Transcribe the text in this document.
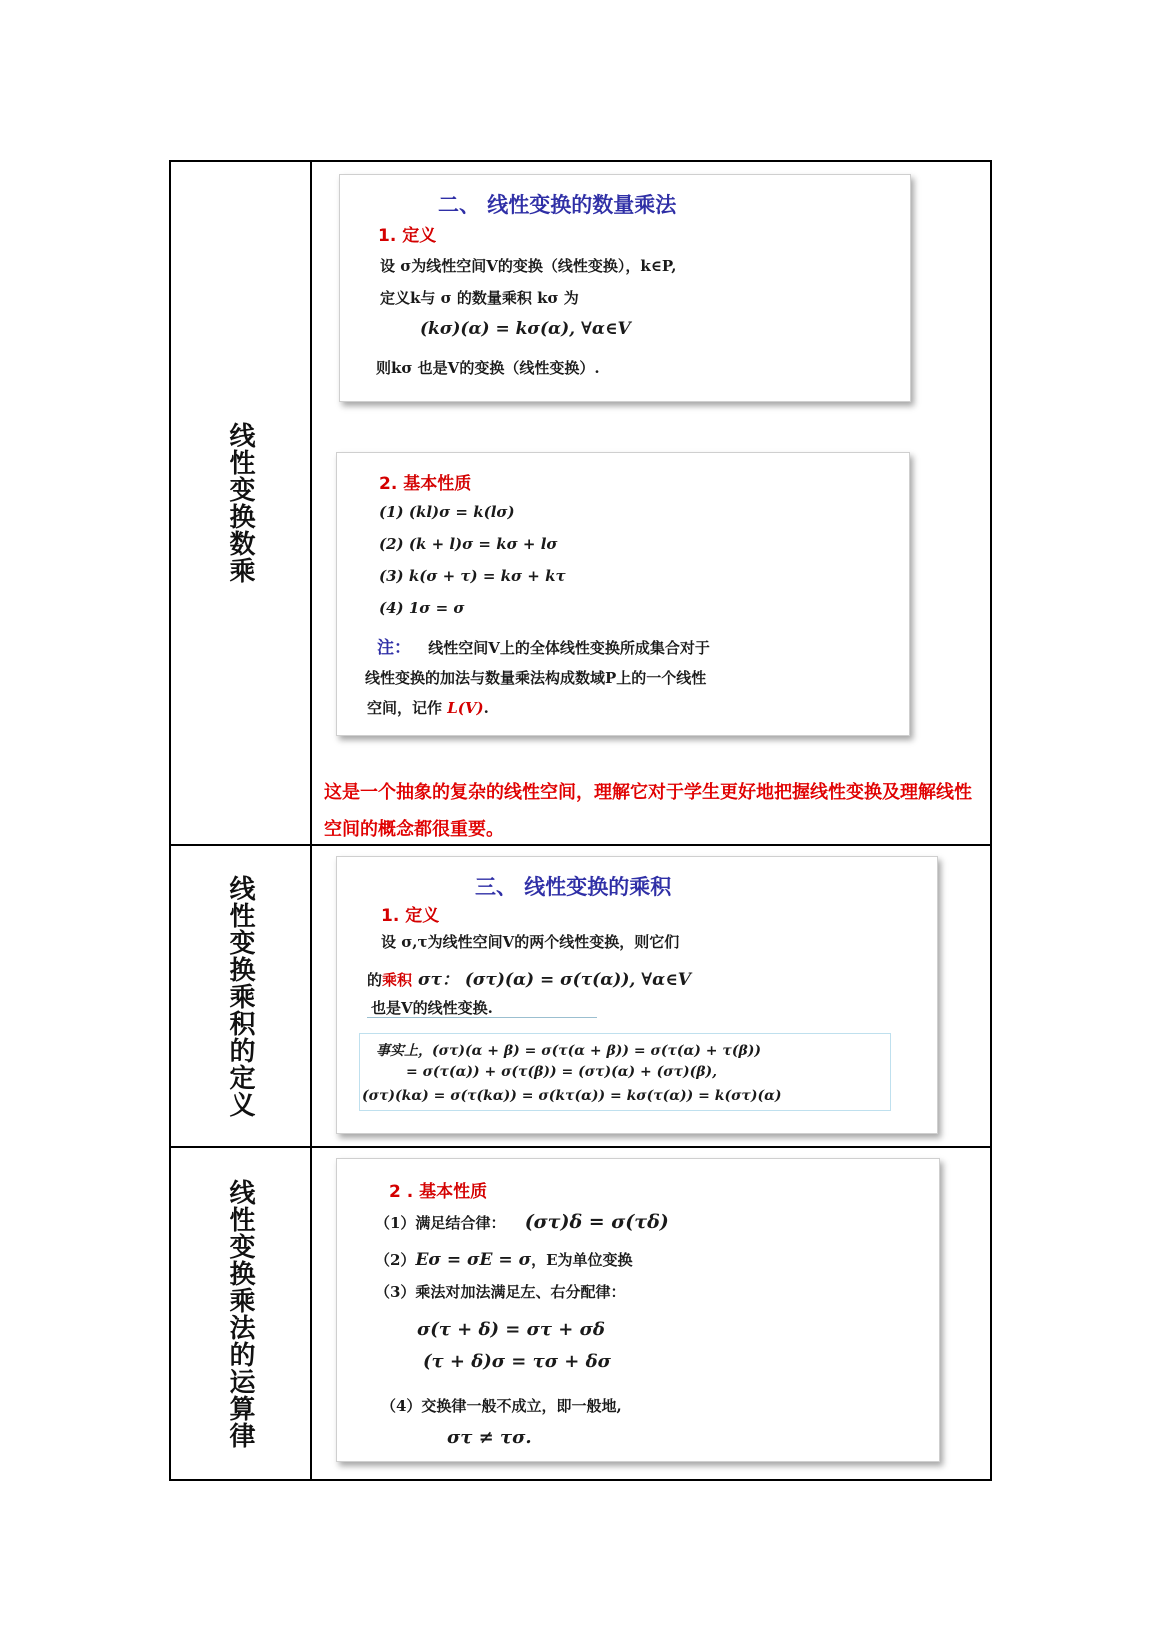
线性变换数乘
二、 线性变换的数量乘法
1. 定义
设 σ为线性空间V的变换（线性变换），k∈P,
定义k与 σ 的数量乘积 kσ 为
(kσ)(α) = kσ(α), ∀α∈V
则kσ 也是V的变换（线性变换）.
2. 基本性质
(1) (kl)σ = k(lσ)
(2) (k + l)σ = kσ + lσ
(3) k(σ + τ) = kσ + kτ
(4) 1σ = σ
注： 线性空间V上的全体线性变换所成集合对于
线性变换的加法与数量乘法构成数域P上的一个线性
空间，记作 L(V).
这是一个抽象的复杂的线性空间，理解它对于学生更好地把握线性变换及理解线性空间的概念都很重要。
线性变换乘积的定义	三、 线性变换的乘积
1. 定义
设 σ,τ为线性空间V的两个线性变换，则它们
的乘积 στ： (στ)(α) = σ(τ(α)), ∀α∈V
也是V的线性变换.
事实上，(στ)(α + β) = σ(τ(α + β)) = σ(τ(α) + τ(β))
= σ(τ(α)) + σ(τ(β)) = (στ)(α) + (στ)(β),
(στ)(kα) = σ(τ(kα)) = σ(kτ(α)) = kσ(τ(α)) = k(στ)(α)
线性变换乘法的运算律	2 . 基本性质
（1）满足结合律： (στ)δ = σ(τδ)
（2）Eσ = σE = σ，E为单位变换
（3）乘法对加法满足左、右分配律：
σ(τ + δ) = στ + σδ
(τ + δ)σ = τσ + δσ
（4）交换律一般不成立，即一般地,
στ ≠ τσ.
